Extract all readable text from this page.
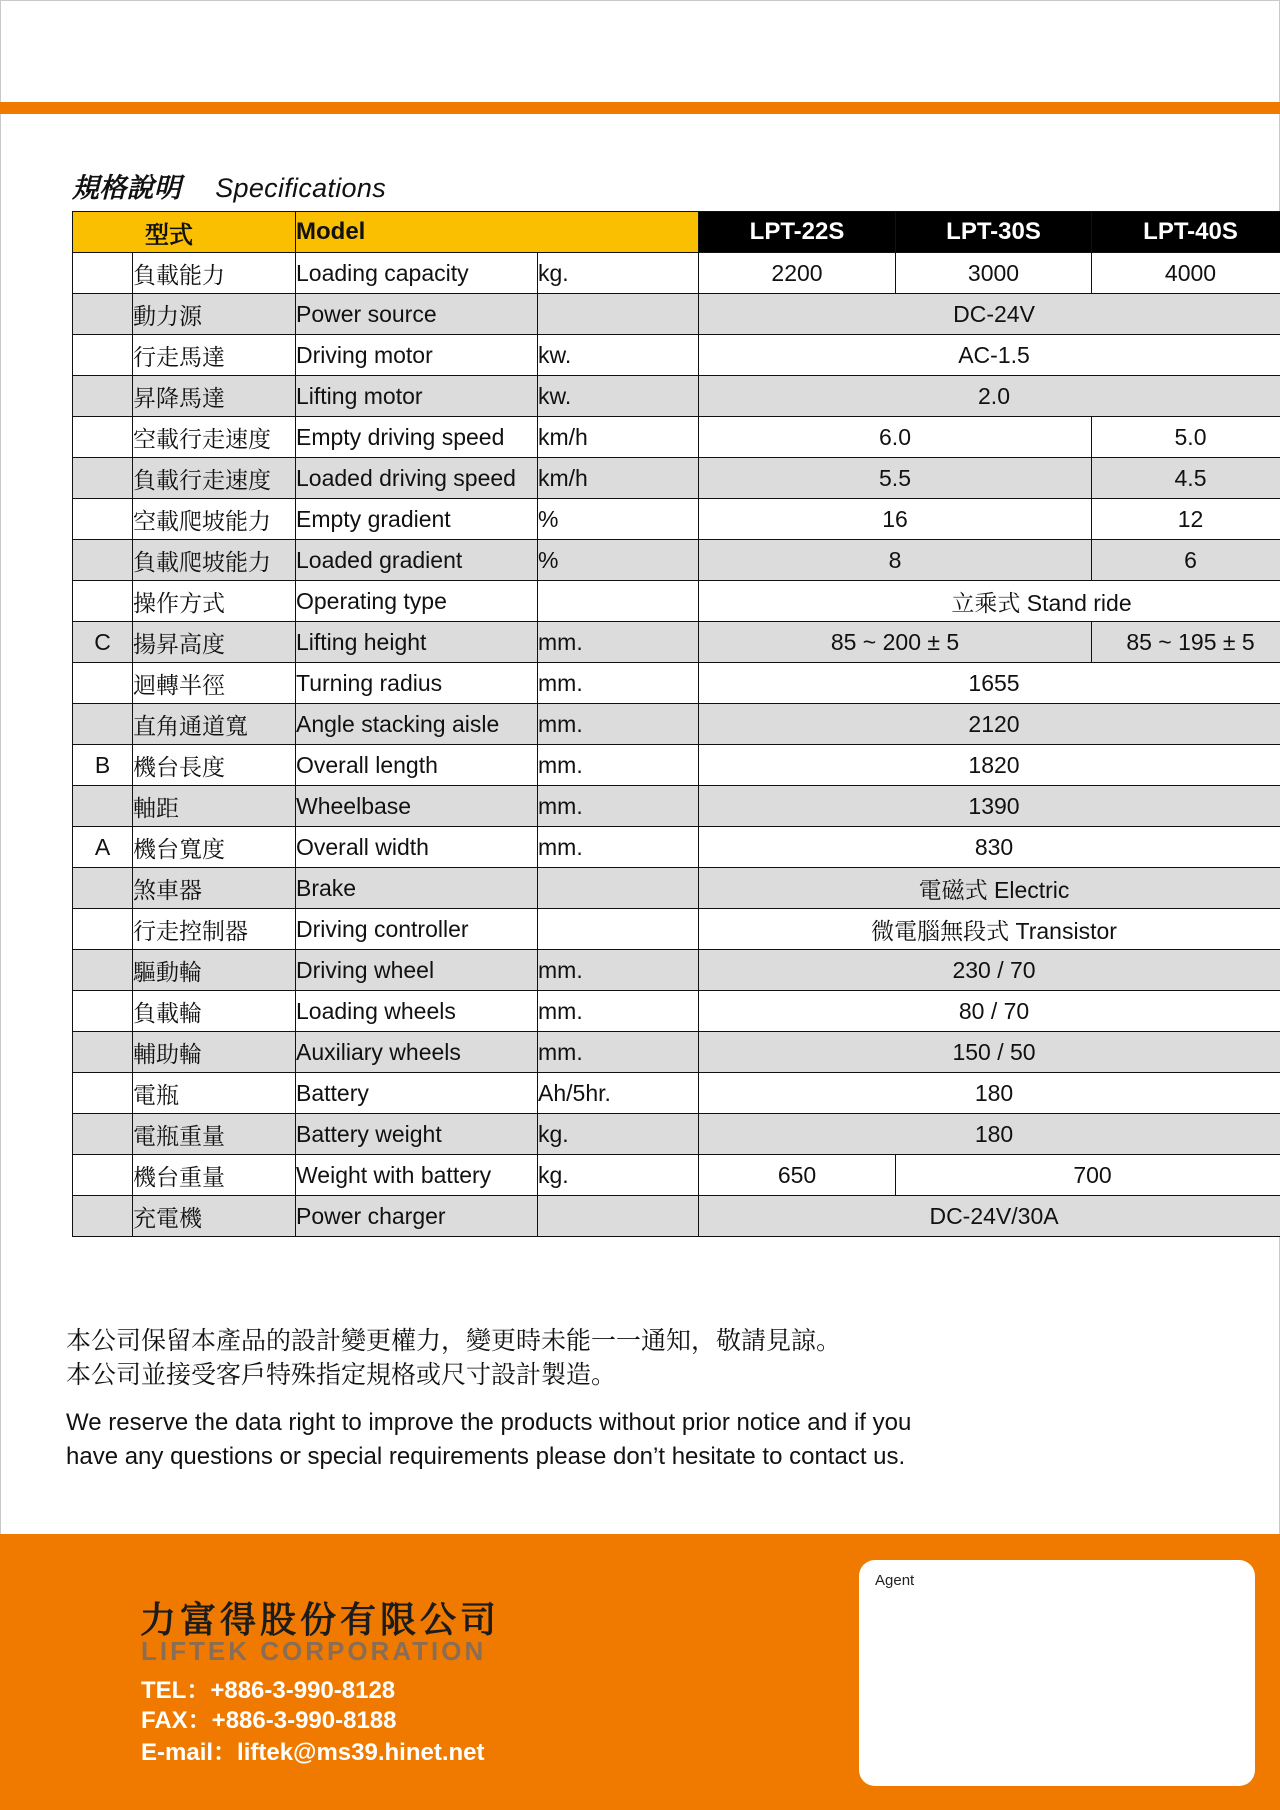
規格說明 Specifications
型式		Model		LPT-22S	LPT-30S	LPT-40S
	負載能力	Loading capacity	kg.	2200	3000	4000
	動力源	Power source		DC-24V		
	行走馬達	Driving motor	kw.	AC-1.5		
	昇降馬達	Lifting motor	kw.	2.0		
	空載行走速度	Empty driving speed	km/h	6.0		5.0
	負載行走速度	Loaded driving speed	km/h	5.5		4.5
	空載爬坡能力	Empty gradient	%	16		12
	負載爬坡能力	Loaded gradient	%	8		6
	操作方式	Operating type		立乘式 Stand ride		
C	揚昇高度	Lifting height	mm.	85 ~ 200 ± 5		85 ~ 195 ± 5
	迴轉半徑	Turning radius	mm.	1655		
	直角通道寬	Angle stacking aisle	mm.	2120		
B	機台長度	Overall length	mm.	1820		
	軸距	Wheelbase	mm.	1390		
A	機台寬度	Overall width	mm.	830		
	煞車器	Brake		電磁式 Electric		
	行走控制器	Driving controller		微電腦無段式 Transistor		
	驅動輪	Driving wheel	mm.	230 / 70		
	負載輪	Loading wheels	mm.	80 / 70		
	輔助輪	Auxiliary wheels	mm.	150 / 50		
	電瓶	Battery	Ah/5hr.	180		
	電瓶重量	Battery weight	kg.	180		
	機台重量	Weight with battery	kg.	650	700	
	充電機	Power charger		DC-24V/30A		
本公司保留本產品的設計變更權力，變更時未能一一通知，敬請見諒。
本公司並接受客戶特殊指定規格或尺寸設計製造。
We reserve the data right to improve the products without prior notice and if you
have any questions or special requirements please don’t hesitate to contact us.
力富得股份有限公司
LIFTEK CORPORATION
TEL：+886-3-990-8128
FAX：+886-3-990-8188
E-mail：liftek@ms39.hinet.net
Agent
